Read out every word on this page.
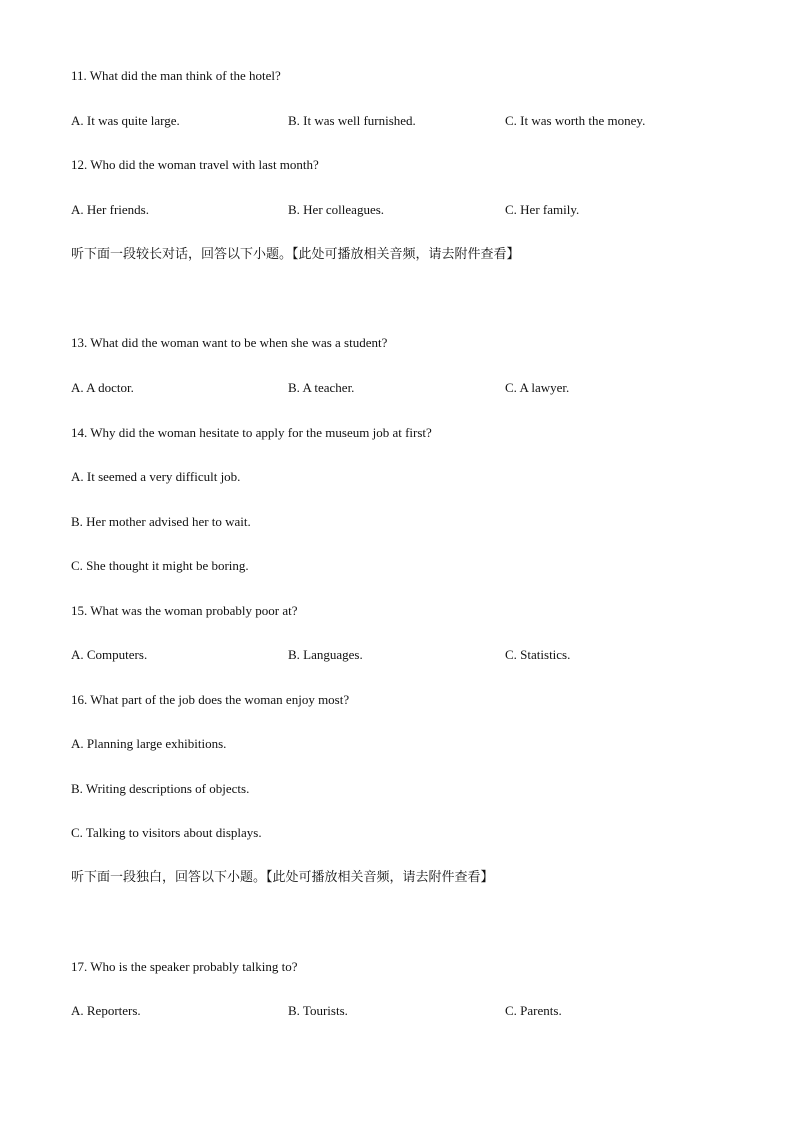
11. What did the man think of the hotel?
A. It was quite large.	B. It was well furnished.	C. It was worth the money.
12. Who did the woman travel with last month?
A. Her friends.	B. Her colleagues.	C. Her family.
听下面一段较长对话，回答以下小题。【此处可播放相关音频，请去附件查看】
13. What did the woman want to be when she was a student?
A. A doctor.	B. A teacher.	C. A lawyer.
14. Why did the woman hesitate to apply for the museum job at first?
A. It seemed a very difficult job.
B. Her mother advised her to wait.
C. She thought it might be boring.
15. What was the woman probably poor at?
A. Computers.	B. Languages.	C. Statistics.
16. What part of the job does the woman enjoy most?
A. Planning large exhibitions.
B. Writing descriptions of objects.
C. Talking to visitors about displays.
听下面一段独白，回答以下小题。【此处可播放相关音频，请去附件查看】
17. Who is the speaker probably talking to?
A. Reporters.	B. Tourists.	C. Parents.
